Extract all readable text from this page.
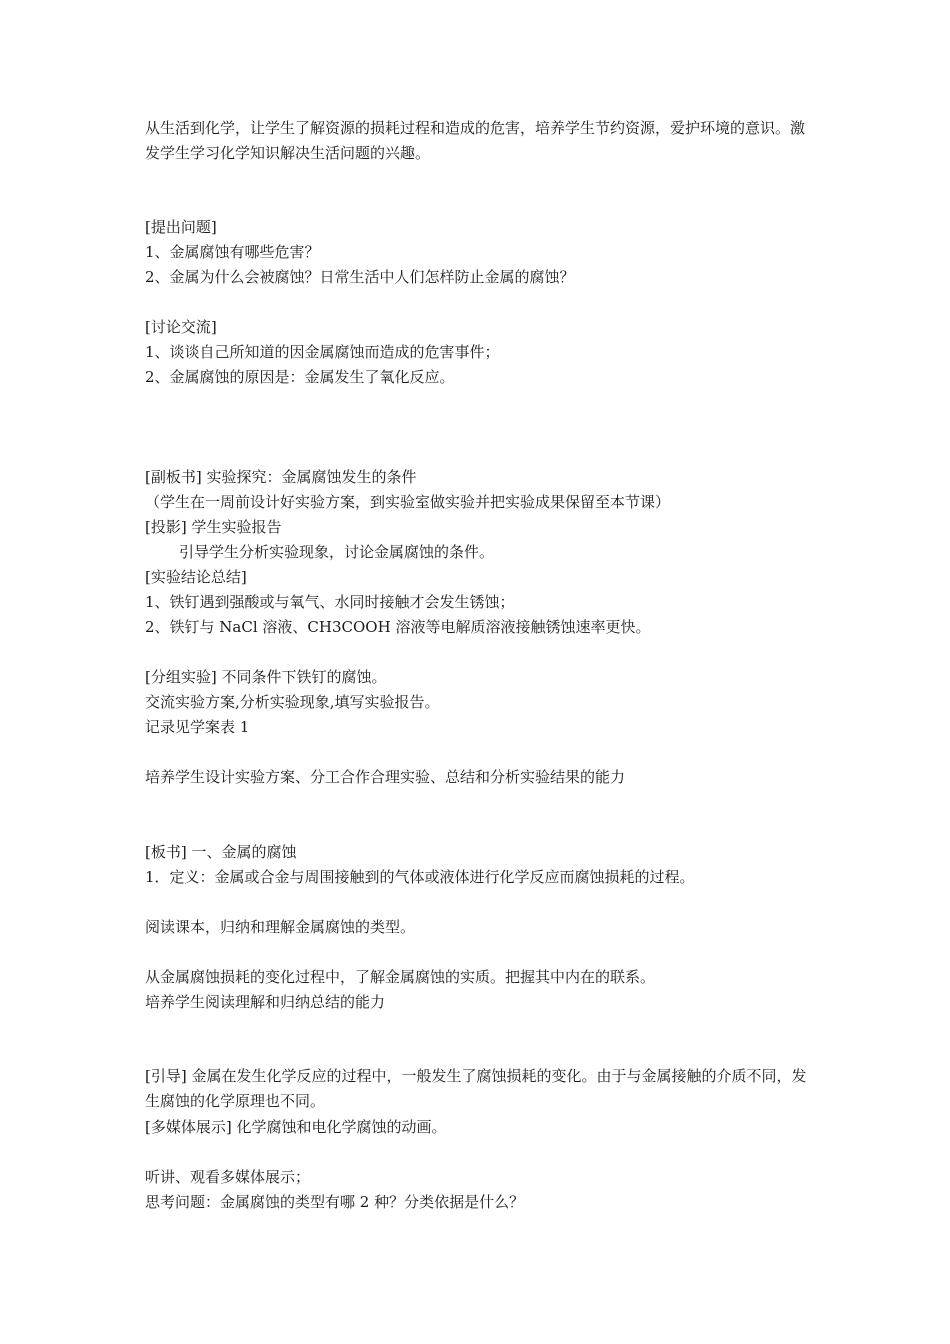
从生活到化学，让学生了解资源的损耗过程和造成的危害，培养学生节约资源，爱护环境的意识。激发学生学习化学知识解决生活问题的兴趣。
[提出问题]
1、金属腐蚀有哪些危害？
2、金属为什么会被腐蚀？日常生活中人们怎样防止金属的腐蚀？
[讨论交流]
1、谈谈自己所知道的因金属腐蚀而造成的危害事件；
2、金属腐蚀的原因是：金属发生了氧化反应。
[副板书] 实验探究：金属腐蚀发生的条件
（学生在一周前设计好实验方案，到实验室做实验并把实验成果保留至本节课）
[投影] 学生实验报告
引导学生分析实验现象，讨论金属腐蚀的条件。
[实验结论总结]
1、铁钉遇到强酸或与氧气、水同时接触才会发生锈蚀；
2、铁钉与 NaCl 溶液、CH3COOH 溶液等电解质溶液接触锈蚀速率更快。
[分组实验] 不同条件下铁钉的腐蚀。
交流实验方案,分析实验现象,填写实验报告。
记录见学案表 1
培养学生设计实验方案、分工合作合理实验、总结和分析实验结果的能力
[板书] 一、金属的腐蚀
1．定义：金属或合金与周围接触到的气体或液体进行化学反应而腐蚀损耗的过程。
阅读课本，归纳和理解金属腐蚀的类型。
从金属腐蚀损耗的变化过程中，了解金属腐蚀的实质。把握其中内在的联系。
培养学生阅读理解和归纳总结的能力
[引导] 金属在发生化学反应的过程中，一般发生了腐蚀损耗的变化。由于与金属接触的介质不同，发生腐蚀的化学原理也不同。
[多媒体展示] 化学腐蚀和电化学腐蚀的动画。
听讲、观看多媒体展示；
思考问题：金属腐蚀的类型有哪 2 种？分类依据是什么？
